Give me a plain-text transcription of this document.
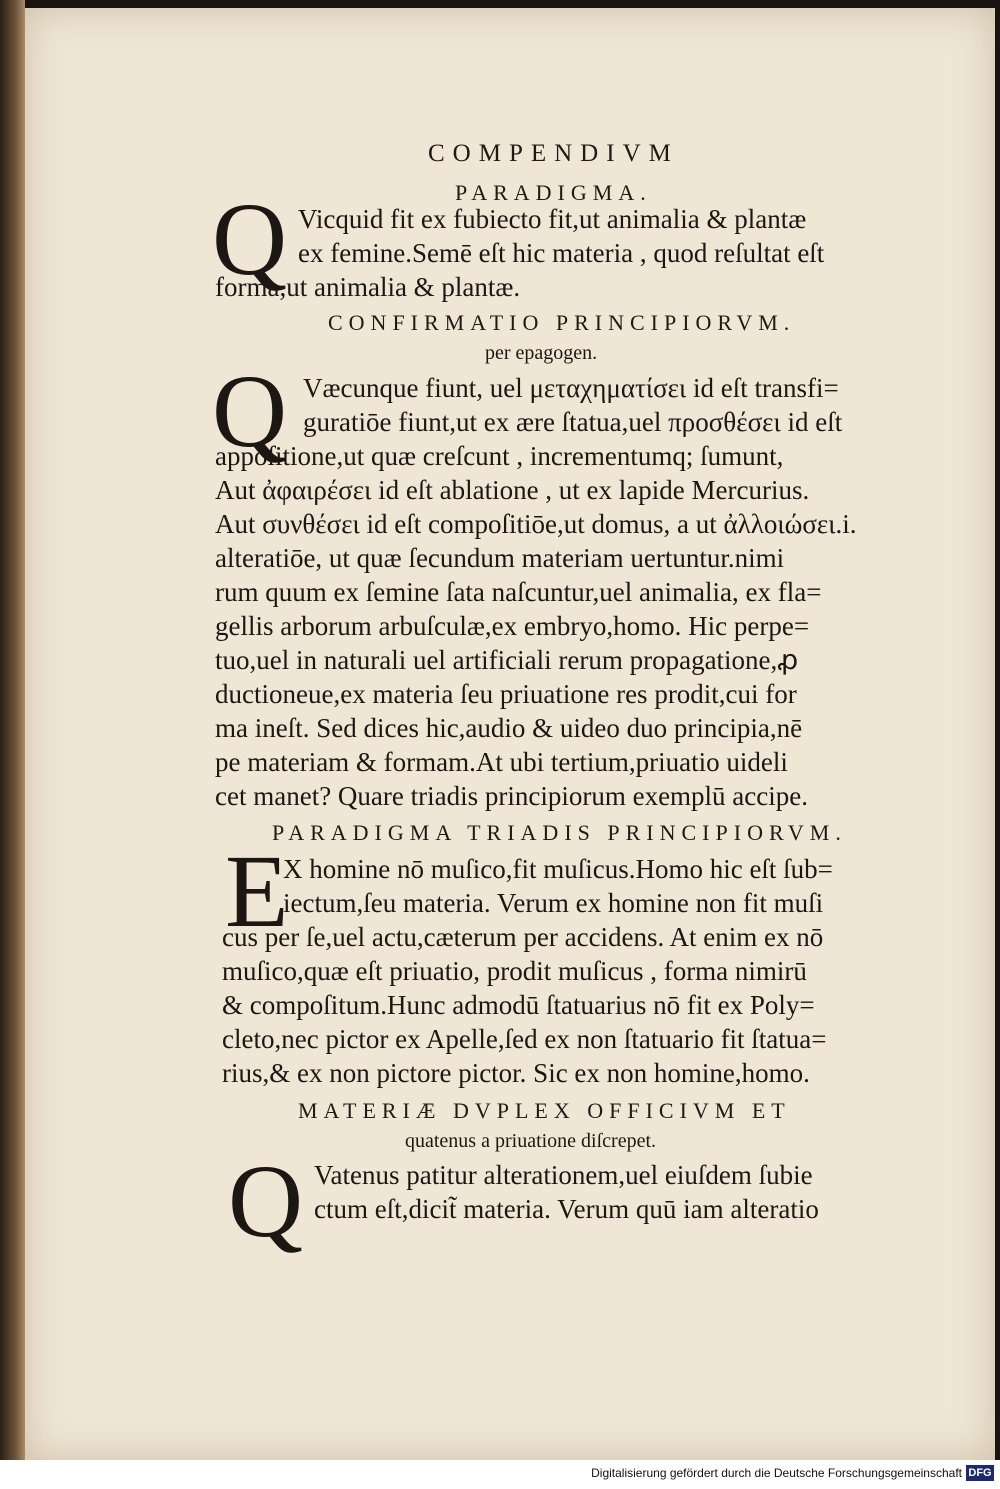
COMPENDIVM
PARADIGMA.
Q Vicquid fit ex fubiecto fit,ut animalia & plantæ
ex femine.Semē eſt hic materia , quod reſultat eſt
forma,ut animalia & plantæ.
CONFIRMATIO PRINCIPIORVM.
per epagogen.
Q Væcunque fiunt, uel μεταχηματίσει id eſt transfi=
guratiōe fiunt,ut ex ære ſtatua,uel προσθέσει id eſt
appoſitione,ut quæ creſcunt , incrementumq; ſumunt,
Aut ἀφαιρέσει id eſt ablatione , ut ex lapide Mercurius.
Aut συνθέσει id eſt compoſitiōe,ut domus, a ut ἀλλοιώσει.i.
alteratiōe, ut quæ ſecundum materiam uertuntur.nimi
rum quum ex ſemine ſata naſcuntur,uel animalia, ex fla=
gellis arborum arbuſculæ,ex embryo,homo. Hic perpe=
tuo,uel in naturali uel artificiali rerum propagatione,ꝓ
ductioneue,ex materia ſeu priuatione res prodit,cui for
ma ineſt. Sed dices hic,audio & uideo duo principia,nē
pe materiam & formam.At ubi tertium,priuatio uideli
cet manet? Quare triadis principiorum exemplū accipe.
PARADIGMA TRIADIS PRINCIPIORVM.
E
X homine nō muſico,fit muſicus.Homo hic eſt ſub=
iectum,ſeu materia. Verum ex homine non fit muſi
cus per ſe,uel actu,cæterum per accidens. At enim ex nō
muſico,quæ eſt priuatio, prodit muſicus , forma nimirū
& compoſitum.Hunc admodū ſtatuarius nō fit ex Poly=
cleto,nec pictor ex Apelle,ſed ex non ſtatuario fit ſtatua=
rius,& ex non pictore pictor. Sic ex non homine,homo.
MATERIÆ DVPLEX OFFICIVM ET
quatenus a priuatione diſcrepet.
Q Vatenus patitur alterationem,uel eiuſdem ſubie
ctum eſt,dicit̃ materia. Verum quū iam alteratio
Digitalisierung gefördert durch die Deutsche Forschungsgemeinschaft DFG
